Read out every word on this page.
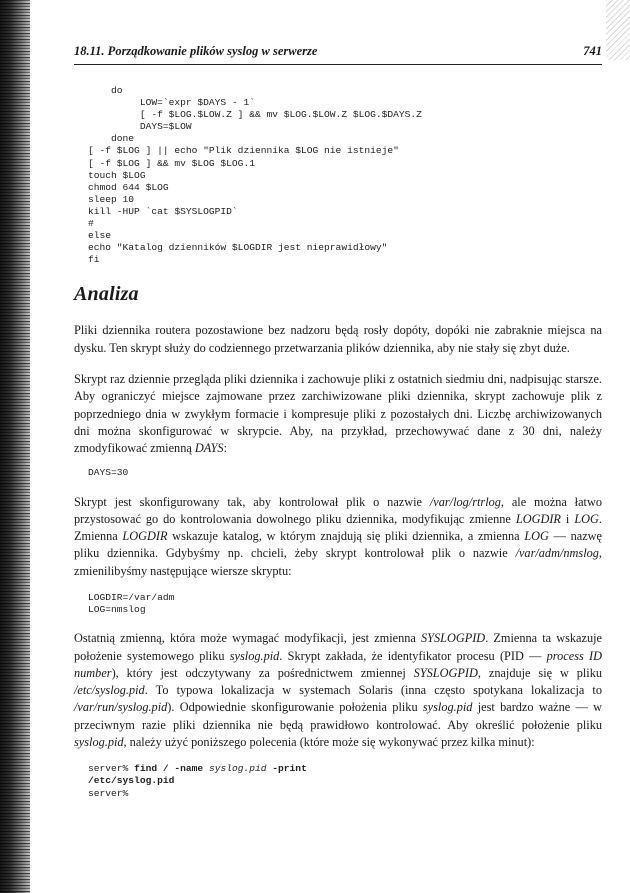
18.11. Porządkowanie plików syslog w serwerze	741
do
LOW=`expr $DAYS - 1`
[ -f $LOG.$LOW.Z ] && mv $LOG.$LOW.Z $LOG.$DAYS.Z
DAYS=$LOW
done
[ -f $LOG ] || echo "Plik dziennika $LOG nie istnieje"
[ -f $LOG ] && mv $LOG $LOG.1
touch $LOG
chmod 644 $LOG
sleep 10
kill -HUP `cat $SYSLOGPID`
#
else
echo "Katalog dzienników $LOGDIR jest nieprawidłowy"
fi
Analiza

Pliki dziennika routera pozostawione bez nadzoru będą rosły dopóty, dopóki nie zabraknie miejsca na dysku. Ten skrypt służy do codziennego przetwarzania plików dziennika, aby nie stały się zbyt duże.

Skrypt raz dziennie przegląda pliki dziennika i zachowuje pliki z ostatnich siedmiu dni, nadpisując starsze. Aby ograniczyć miejsce zajmowane przez zarchiwizowane pliki dziennika, skrypt zachowuje plik z poprzedniego dnia w zwykłym formacie i kompresuje pliki z pozostałych dni. Liczbę archiwizowanych dni można skonfigurować w skrypcie. Aby, na przykład, przechowywać dane z 30 dni, należy zmodyfikować zmienną DAYS:

DAYS=30

Skrypt jest skonfigurowany tak, aby kontrolował plik o nazwie /var/log/rtrlog, ale można łatwo przystosować go do kontrolowania dowolnego pliku dziennika, modyfikując zmienne LOGDIR i LOG. Zmienna LOGDIR wskazuje katalog, w którym znajdują się pliki dziennika, a zmienna LOG — nazwę pliku dziennika. Gdybyśmy np. chcieli, żeby skrypt kontrolował plik o nazwie /var/adm/nmslog, zmienilibyśmy następujące wiersze skryptu:

LOGDIR=/var/adm
LOG=nmslog

Ostatnią zmienną, która może wymagać modyfikacji, jest zmienna SYSLOGPID. Zmienna ta wskazuje położenie systemowego pliku syslog.pid. Skrypt zakłada, że identyfikator procesu (PID — process ID number), który jest odczytywany za pośrednictwem zmiennej SYSLOGPID, znajduje się w pliku /etc/syslog.pid. To typowa lokalizacja w systemach Solaris (inna często spotykana lokalizacja to /var/run/syslog.pid). Odpowiednie skonfigurowanie położenia pliku syslog.pid jest bardzo ważne — w przeciwnym razie pliki dziennika nie będą prawidłowo kontrolować. Aby określić położenie pliku syslog.pid, należy użyć poniższego polecenia (które może się wykonywać przez kilka minut):

server% find / -name syslog.pid -print
/etc/syslog.pid
server%
